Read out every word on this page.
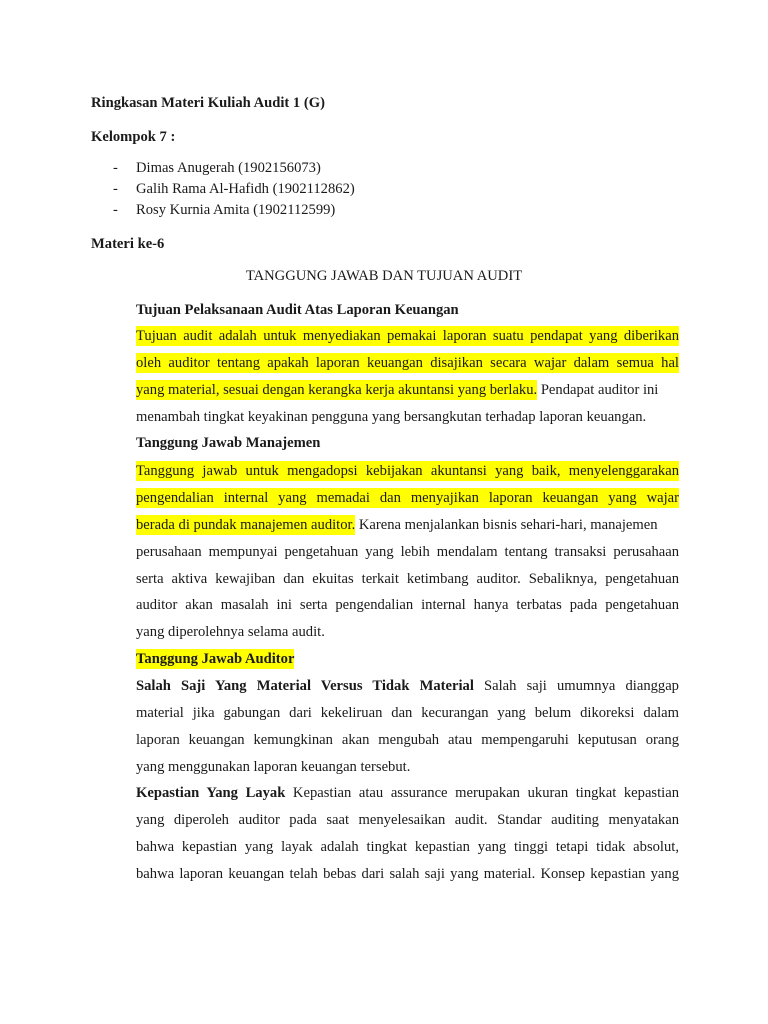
Ringkasan Materi Kuliah Audit 1 (G)
Kelompok 7 :
- Dimas Anugerah (1902156073)
- Galih Rama Al-Hafidh (1902112862)
- Rosy Kurnia Amita (1902112599)
Materi ke-6
TANGGUNG JAWAB DAN TUJUAN AUDIT
Tujuan Pelaksanaan Audit Atas Laporan Keuangan
Tujuan audit adalah untuk menyediakan pemakai laporan suatu pendapat yang diberikan
oleh auditor tentang apakah laporan keuangan disajikan secara wajar dalam semua hal
yang material, sesuai dengan kerangka kerja akuntansi yang berlaku. Pendapat auditor ini
menambah tingkat keyakinan pengguna yang bersangkutan terhadap laporan keuangan.
Tanggung Jawab Manajemen
Tanggung jawab untuk mengadopsi kebijakan akuntansi yang baik, menyelenggarakan
pengendalian internal yang memadai dan menyajikan laporan keuangan yang wajar
berada di pundak manajemen auditor. Karena menjalankan bisnis sehari-hari, manajemen
perusahaan mempunyai pengetahuan yang lebih mendalam tentang transaksi perusahaan
serta aktiva kewajiban dan ekuitas terkait ketimbang auditor. Sebaliknya, pengetahuan
auditor akan masalah ini serta pengendalian internal hanya terbatas pada pengetahuan
yang diperolehnya selama audit.
Tanggung Jawab Auditor
Salah Saji Yang Material Versus Tidak Material Salah saji umumnya dianggap
material jika gabungan dari kekeliruan dan kecurangan yang belum dikoreksi dalam
laporan keuangan kemungkinan akan mengubah atau mempengaruhi keputusan orang
yang menggunakan laporan keuangan tersebut.
Kepastian Yang Layak Kepastian atau assurance merupakan ukuran tingkat kepastian
yang diperoleh auditor pada saat menyelesaikan audit. Standar auditing menyatakan
bahwa kepastian yang layak adalah tingkat kepastian yang tinggi tetapi tidak absolut,
bahwa laporan keuangan telah bebas dari salah saji yang material. Konsep kepastian yang
